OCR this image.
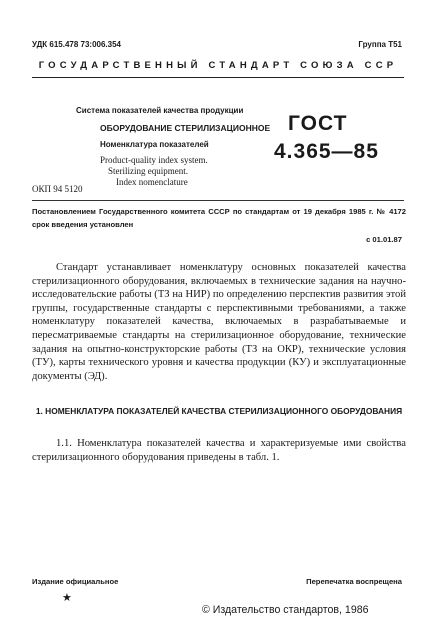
УДК 615.478 73:006.354	Группа Т51
ГОСУДАРСТВЕННЫЙ СТАНДАРТ СОЮЗА ССР
Система показателей качества продукции
ОБОРУДОВАНИЕ СТЕРИЛИЗАЦИОННОЕ
Номенклатура показателей
Product-quality index system.
Sterilizing equipment.
Index nomenclature
ГОСТ
4.365—85
ОКП 94 5120
Постановлением Государственного комитета СССР по стандартам от 19 декабря 1985 г. № 4172 срок введения установлен
с 01.01.87
Стандарт устанавливает номенклатуру основных показателей качества стерилизационного оборудования, включаемых в технические задания на научно-исследовательские работы (ТЗ на НИР) по определению перспектив развития этой группы, государственные стандарты с перспективными требованиями, а также номенклатуру показателей качества, включаемых в разрабатываемые и пересматриваемые стандарты на стерилизационное оборудование, технические задания на опытно-конструкторские работы (ТЗ на ОКР), технические условия (ТУ), карты технического уровня и качества продукции (КУ) и эксплуатационные документы (ЭД).
1. НОМЕНКЛАТУРА ПОКАЗАТЕЛЕЙ КАЧЕСТВА СТЕРИЛИЗАЦИОННОГО ОБОРУДОВАНИЯ
1.1. Номенклатура показателей качества и характеризуемые ими свойства стерилизационного оборудования приведены в табл. 1.
Издание официальное	Перепечатка воспрещена
★
© Издательство стандартов, 1986
